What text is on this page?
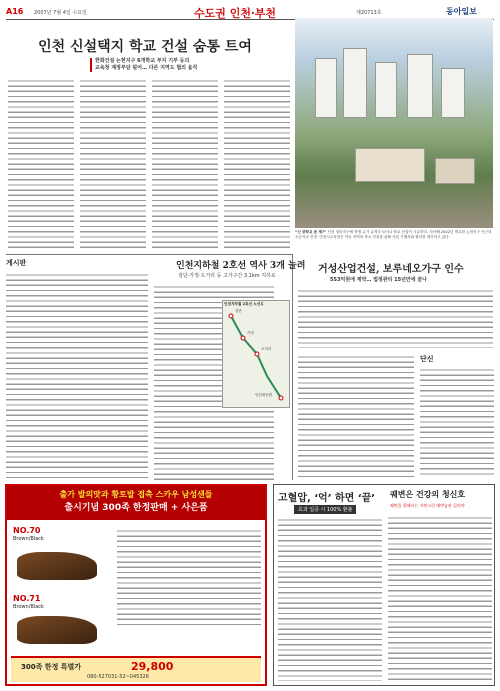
A16 2007년 7월 4일 수요일	수도권 인천·부천	제20713호	동아일보
인천 신설택지 학교 건설 숨통 트여
한화건설 논현지구 6개학교 부지 기부 등의
교육청 재정부담 덜어… 다른 지역도 협의 움직
“신 중학교 문 제?” 인천 청라지구에 학생 수가 급격히 늘어나 학교 신설이 시급하다. 지난해 2002년 개교한 논현지구 인근의 초등학교 전경. 인천시교육청은 이들 지역의 학교 건설을 위해 사업 시행자와 협의를 계속하고 있다.
거성산업건설, 보루네오가구 인수
553억원에 계약… 법정관리 15년만에 끝나
게시판	인천지하철 2호선 역사 3개 늘려
검단·가정·오거리 등 고가구간 3.1km 지하로
인천지하철 2호선 노선도
검단
가정
오거리
인천대공원
단신
출가 발의맛과 황토발 접촉 스카우 남성샌들
출시기념 300족 한정판매 + 사은품
NO.70
Brown/Black
NO.71
Brown/Black
300족 한정 특별가	29,800
080-527031-52~045326
고혈압, ‘억’ 하면 ‘끝’
효과 입증 시 100% 환불
퀘변은 건강의 청신호
쾌변을 위해서는 자연스런 배변습관 길러야
